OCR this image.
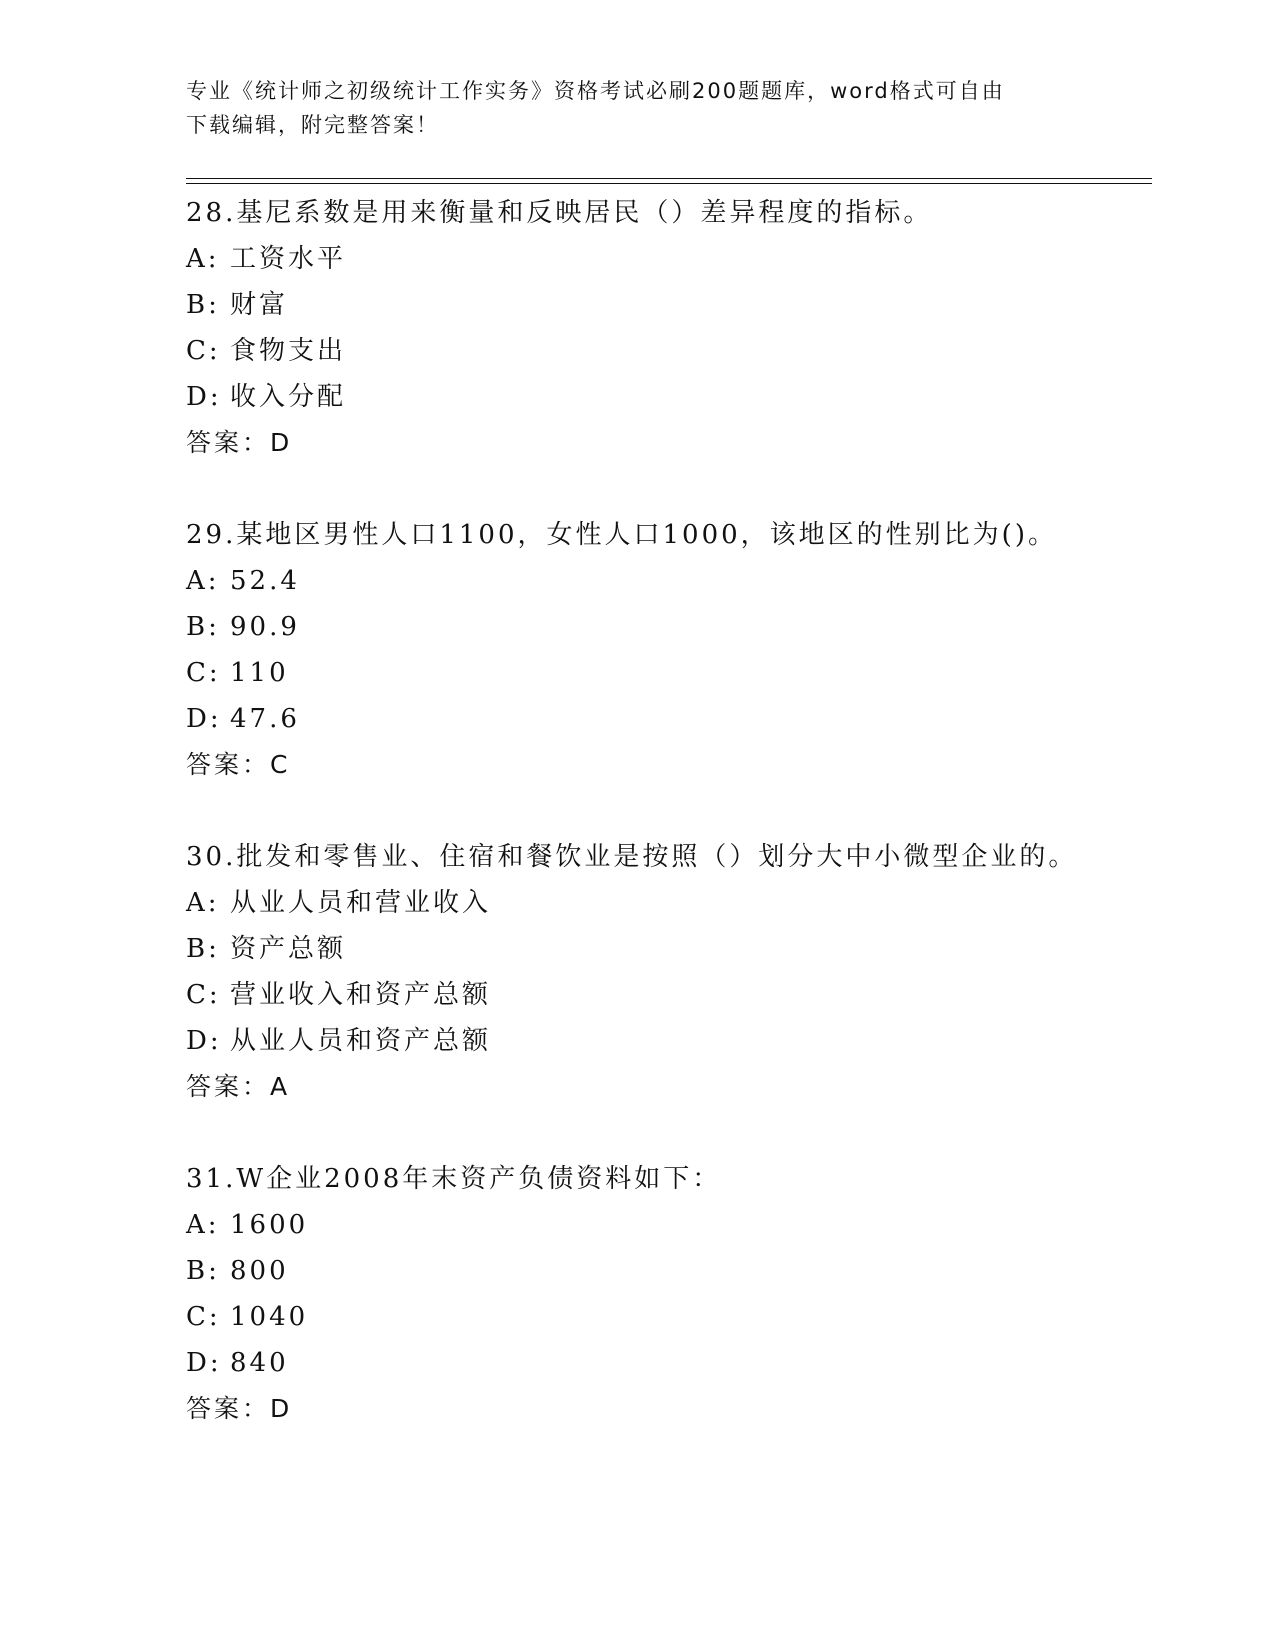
专业《统计师之初级统计工作实务》资格考试必刷200题题库，word格式可自由
下载编辑，附完整答案！
28.基尼系数是用来衡量和反映居民（）差异程度的指标。
A: 工资水平
B: 财富
C: 食物支出
D: 收入分配
答案：D
29.某地区男性人口1100，女性人口1000，该地区的性别比为()。
A: 52.4
B: 90.9
C: 110
D: 47.6
答案：C
30.批发和零售业、住宿和餐饮业是按照（）划分大中小微型企业的。
A: 从业人员和营业收入
B: 资产总额
C: 营业收入和资产总额
D: 从业人员和资产总额
答案：A
31.W企业2008年末资产负债资料如下：
A: 1600
B: 800
C: 1040
D: 840
答案：D
